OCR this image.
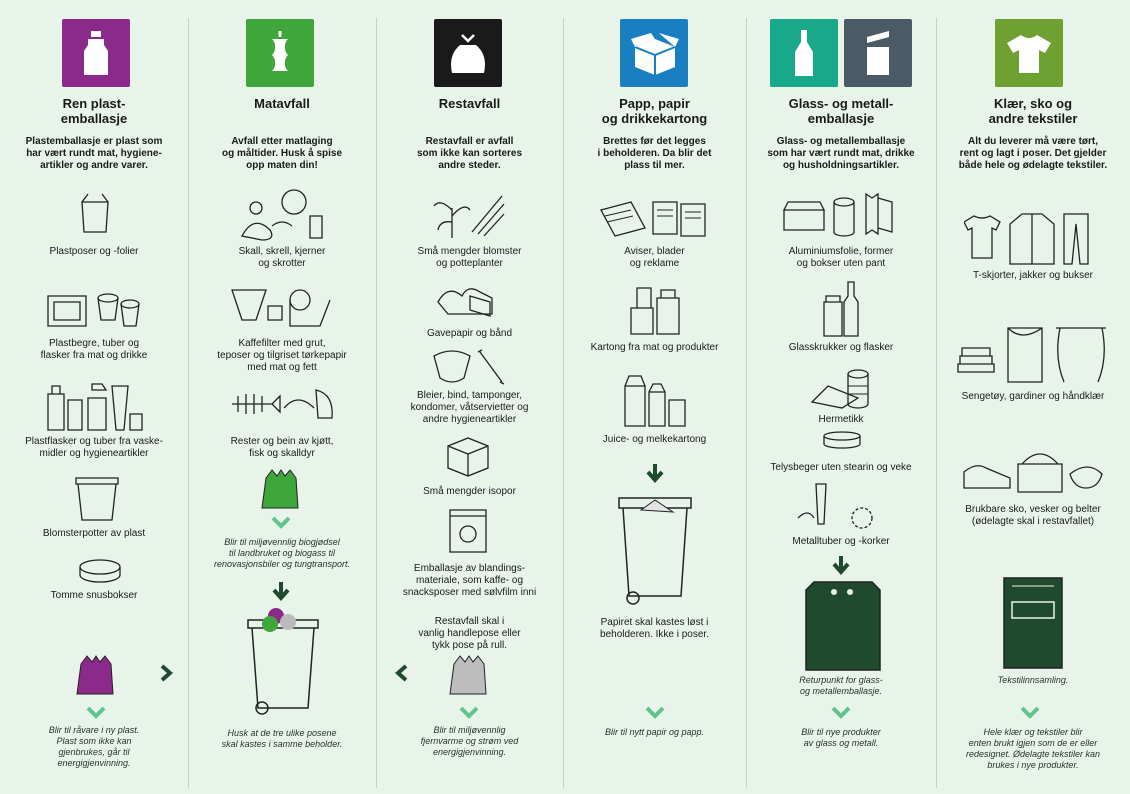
Ren plast-
emballasje
Plastemballasje er plast som
har vært rundt mat, hygiene-
artikler og andre varer.
Plastposer og -folier
Plastbegre, tuber og
flasker fra mat og drikke
Plastflasker og tuber fra vaske-
midler og hygieneartikler
Blomsterpotter av plast
Tomme snusbokser
Blir til råvare i ny plast.
Plast som ikke kan
gjenbrukes, går til
energigjenvinning.
Matavfall
Avfall etter matlaging
og måltider. Husk å spise
opp maten din!
Skall, skrell, kjerner
og skrotter
Kaffefilter med grut,
teposer og tilgriset tørkepapir
med mat og fett
Rester og bein av kjøtt,
fisk og skalldyr
Blir til miljøvennlig biogjødsel
til landbruket og biogass til
renovasjonsbiler og tungtransport.
Husk at de tre ulike posene
skal kastes i samme beholder.
Restavfall
Restavfall er avfall
som ikke kan sorteres
andre steder.
Små mengder blomster
og potteplanter
Gavepapir og bånd
Bleier, bind, tamponger,
kondomer, våtservietter og
andre hygieneartikler
Små mengder isopor
Emballasje av blandings-
materiale, som kaffe- og
snacksposer med sølvfilm inni
Restavfall skal i
vanlig handlepose eller
tykk pose på rull.
Blir til miljøvennlig
fjernvarme og strøm ved
energigjenvinning.
Papp, papir
og drikkekartong
Brettes før det legges
i beholderen. Da blir det
plass til mer.
Aviser, blader
og reklame
Kartong fra mat og produkter
Juice- og melkekartong
Papiret skal kastes løst i
beholderen. Ikke i poser.
Blir til nytt papir og papp.
Glass- og metall-
emballasje
Glass- og metallemballasje
som har vært rundt mat, drikke
og husholdningsartikler.
Aluminiumsfolie, former
og bokser uten pant
Glasskrukker og flasker
Hermetikk
Telysbeger uten stearin og veke
Metalltuber og -korker
Returpunkt for glass-
og metallemballasje.
Blir til nye produkter
av glass og metall.
Klær, sko og
andre tekstiler
Alt du leverer må være tørt,
rent og lagt i poser. Det gjelder
både hele og ødelagte tekstiler.
T-skjorter, jakker og bukser
Sengetøy, gardiner og håndklær
Brukbare sko, vesker og belter
(ødelagte skal i restavfallet)
Tekstilinnsamling.
Hele klær og tekstiler blir
enten brukt igjen som de er eller
redesignet. Ødelagte tekstiler kan
brukes i nye produkter.
